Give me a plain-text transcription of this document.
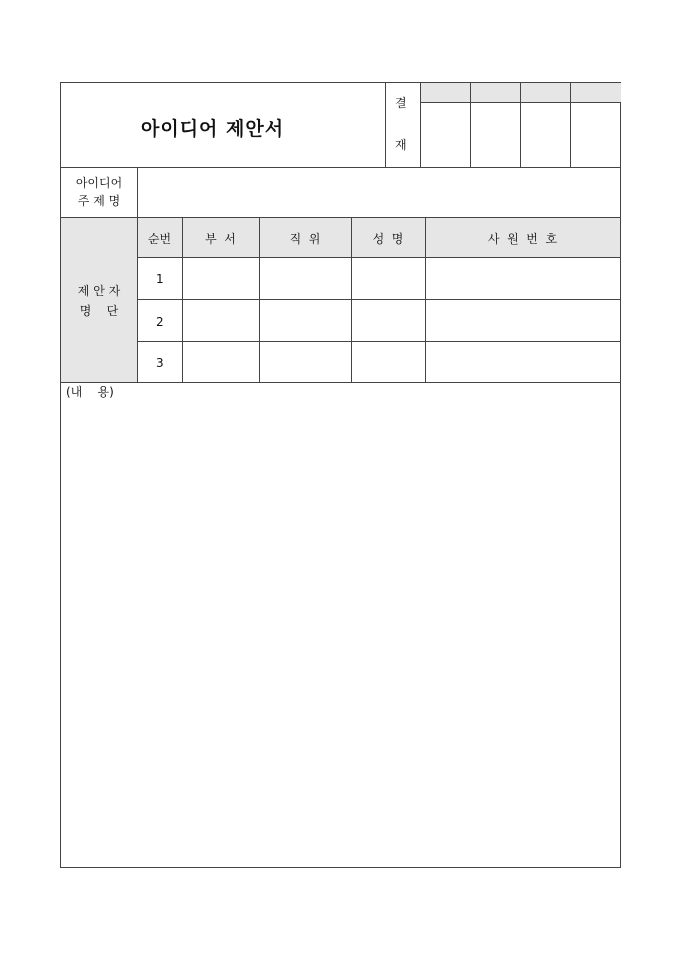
아이디어 제안서
결
재
아이디어
주 제 명
제 안 자
명    단
순번	부  서	직  위	성  명	사  원  번  호
1
2
3
(내    용)
